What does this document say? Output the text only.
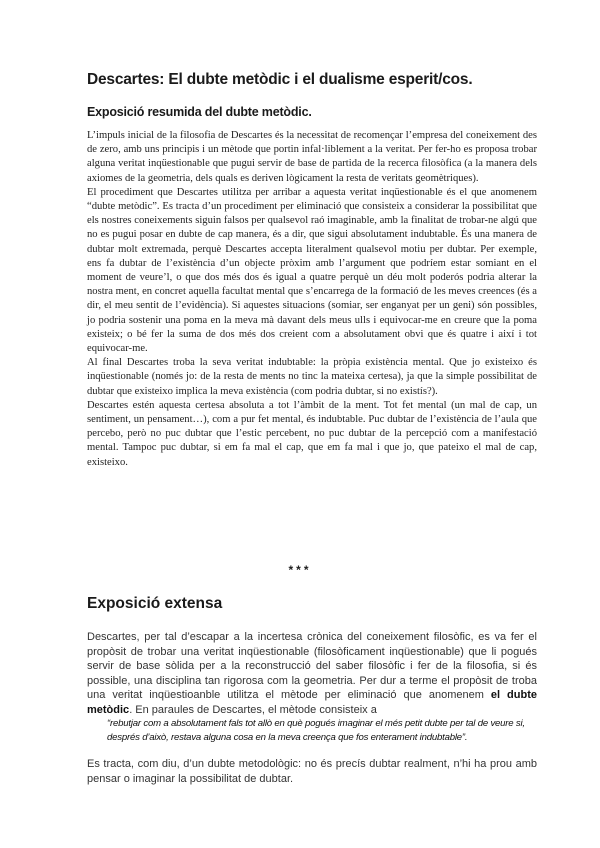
Descartes: El dubte metòdic i el dualisme esperit/cos.
Exposició resumida del dubte metòdic.

L’impuls inicial de la filosofia de Descartes és la necessitat de recomençar l’empresa del coneixement des de zero, amb uns principis i un mètode que portin infal·liblement a la veritat. Per fer-ho es proposa trobar alguna veritat inqüestionable que pugui servir de base de partida de la recerca filosòfica (a la manera dels axiomes de la geometria, dels quals es deriven lògicament la resta de veritats geomètriques).

El procediment que Descartes utilitza per arribar a aquesta veritat inqüestionable és el que anomenem “dubte metòdic”. Es tracta d’un procediment per eliminació que consisteix a considerar la possibilitat que els nostres coneixements siguin falsos per qualsevol raó imaginable, amb la finalitat de trobar-ne algú que no es pugui posar en dubte de cap manera, és a dir, que sigui absolutament indubtable. És una manera de dubtar molt extremada, perquè Descartes accepta literalment qualsevol motiu per dubtar. Per exemple, ens fa dubtar de l’existència d’un objecte pròxim amb l’argument que podríem estar somiant en el moment de veure’l, o que dos més dos és igual a quatre perquè un déu molt poderós podria alterar la nostra ment, en concret aquella facultat mental que s’encarrega de la formació de les meves creences (és a dir, el meu sentit de l’evidència). Si aquestes situacions (somiar, ser enganyat per un geni) són possibles, jo podria sostenir una poma en la meva mà davant dels meus ulls i equivocar-me en creure que la poma existeix; o bé fer la suma de dos més dos creient com a absolutament obvi que és quatre i així i tot equivocar-me.

Al final Descartes troba la seva veritat indubtable: la pròpia existència mental. Que jo existeixo és inqüestionable (només jo: de la resta de ments no tinc la mateixa certesa), ja que la simple possibilitat de dubtar que existeixo implica la meva existència (com podria dubtar, si no existís?).

Descartes estén aquesta certesa absoluta a tot l’àmbit de la ment. Tot fet mental (un mal de cap, un sentiment, un pensament…), com a pur fet mental, és indubtable. Puc dubtar de l’existència de l’aula que percebo, però no puc dubtar que l’estic percebent, no puc dubtar de la percepció com a manifestació mental. Tampoc puc dubtar, si em fa mal el cap, que em fa mal i que jo, que pateixo el mal de cap, existeixo.

***
Exposició extensa

Descartes, per tal d’escapar a la incertesa crònica del coneixement filosòfic, es va fer el propòsit de trobar una veritat inqüestionable (filosòficament inqüestionable) que li pogués servir de base sòlida per a la reconstrucció del saber filosòfic i fer de la filosofia, si és possible, una disciplina tan rigorosa com la geometria. Per dur a terme el propòsit de troba una veritat inqüestioanble utilitza el mètode per eliminació que anomenem el dubte metòdic. En paraules de Descartes, el mètode consisteix a

“rebutjar com a absolutament fals tot allò en què pogués imaginar el més petit dubte per tal de veure si, després d’això, restava alguna cosa en la meva creença que fos enterament indubtable”.

Es tracta, com diu, d’un dubte metodològic: no és precís dubtar realment, n’hi ha prou amb pensar o imaginar la possibilitat de dubtar.
